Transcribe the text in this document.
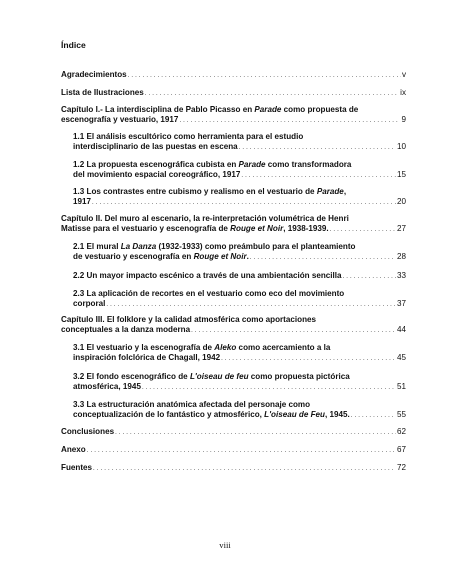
Índice
Agradecimientos . . .	v
Lista de Ilustraciones . . .	ix
Capítulo I.- La interdisciplina de Pablo Picasso en Parade como propuesta de
escenografía y vestuario, 1917 . . .	9
1.1 El análisis escultórico como herramienta para el estudio
interdisciplinario de las puestas en escena . . .	10
1.2 La propuesta escenográfica cubista en Parade como transformadora
del movimiento espacial coreográfico, 1917 . . .	15
1.3 Los contrastes entre cubismo y realismo en el vestuario de Parade,
1917 . . .	20
Capítulo II. Del muro al escenario, la re-interpretación volumétrica de Henri
Matisse para el vestuario y escenografía de Rouge et Noir, 1938-1939. . . .	27
2.1 El mural La Danza (1932-1933) como preámbulo para el planteamiento
de vestuario y escenografía en Rouge et Noir. . . .	28
2.2 Un mayor impacto escénico a través de una ambientación sencilla . . .	33
2.3 La aplicación de recortes en el vestuario como eco del movimiento
corporal . . .	37
Capítulo III. El folklore y la calidad atmosférica como aportaciones
conceptuales a la danza moderna . . .	44
3.1 El vestuario y la escenografía de Aleko como acercamiento a la
inspiración folclórica de Chagall, 1942 . . .	45
3.2 El fondo escenográfico de L'oiseau de feu como propuesta pictórica
atmosférica, 1945 . . .	51
3.3 La estructuración anatómica afectada del personaje como
conceptualización de lo fantástico y atmosférico, L'oiseau de Feu, 1945. . . .	55
Conclusiones . . .	62
Anexo . . .	67
Fuentes . . .	72
viii
